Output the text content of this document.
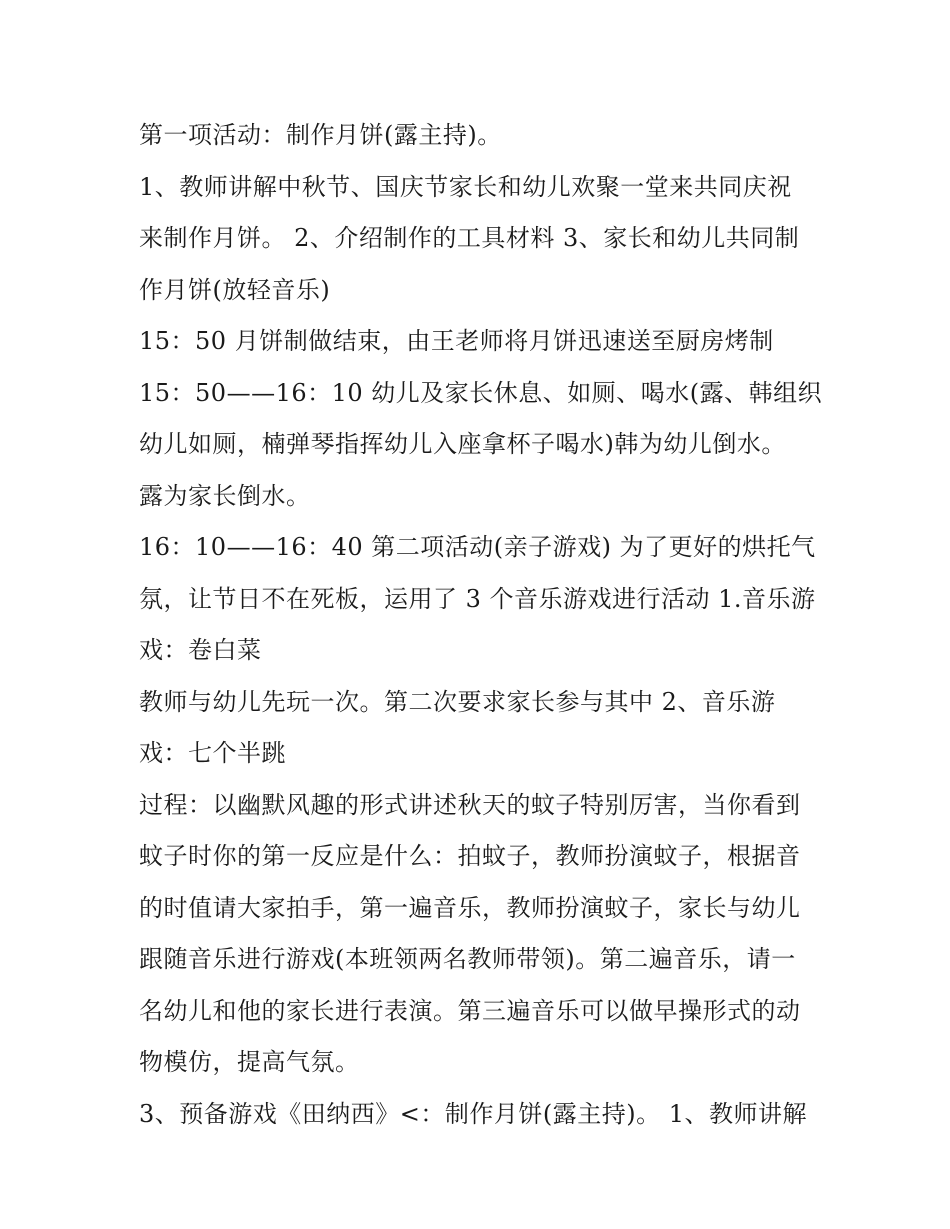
第一项活动：制作月饼(露主持)。
1、教师讲解中秋节、国庆节家长和幼儿欢聚一堂来共同庆祝
来制作月饼。 2、介绍制作的工具材料 3、家长和幼儿共同制
作月饼(放轻音乐)
15：50 月饼制做结束，由王老师将月饼迅速送至厨房烤制
15：50——16：10 幼儿及家长休息、如厕、喝水(露、韩组织
幼儿如厕，楠弹琴指挥幼儿入座拿杯子喝水)韩为幼儿倒水。
露为家长倒水。
16：10——16：40 第二项活动(亲子游戏) 为了更好的烘托气
氛，让节日不在死板，运用了 3 个音乐游戏进行活动 1.音乐游
戏：卷白菜
教师与幼儿先玩一次。第二次要求家长参与其中 2、音乐游
戏：七个半跳
过程：以幽默风趣的形式讲述秋天的蚊子特别厉害，当你看到
蚊子时你的第一反应是什么：拍蚊子，教师扮演蚊子，根据音
的时值请大家拍手，第一遍音乐，教师扮演蚊子，家长与幼儿
跟随音乐进行游戏(本班领两名教师带领)。第二遍音乐，请一
名幼儿和他的家长进行表演。第三遍音乐可以做早操形式的动
物模仿，提高气氛。
3、预备游戏《田纳西》<：制作月饼(露主持)。 1、教师讲解
